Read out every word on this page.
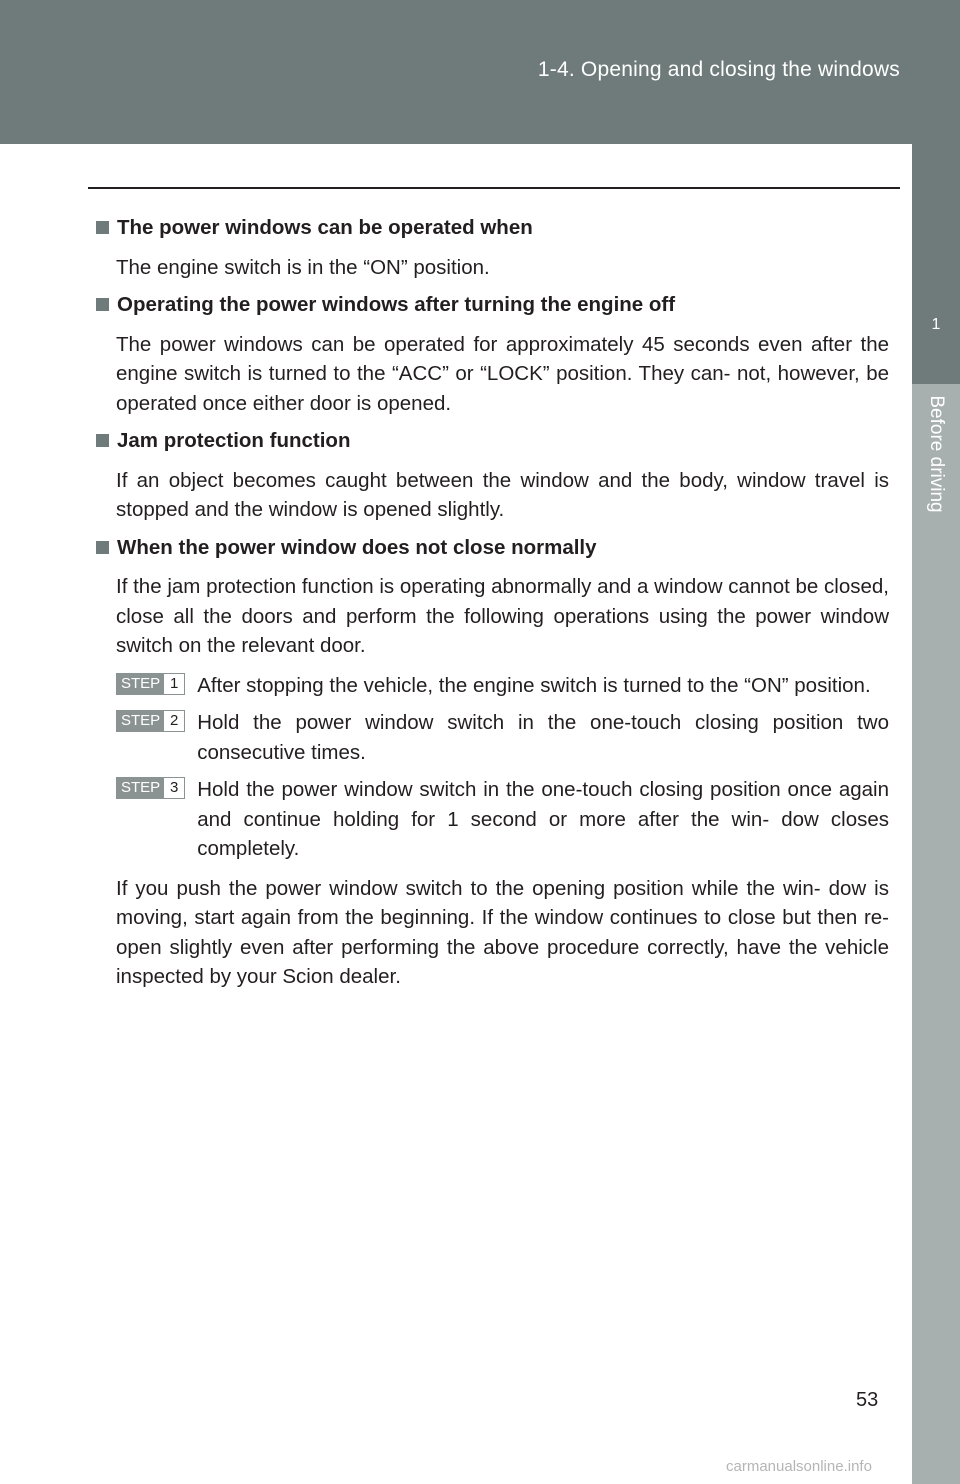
1-4. Opening and closing the windows
1
Before driving
The power windows can be operated when

The engine switch is in the “ON” position.

Operating the power windows after turning the engine off

The power windows can be operated for approximately 45 seconds even after the engine switch is turned to the “ACC” or “LOCK” position. They can- not, however, be operated once either door is opened.

Jam protection function

If an object becomes caught between the window and the body, window travel is stopped and the window is opened slightly.

When the power window does not close normally

If the jam protection function is operating abnormally and a window cannot be closed, close all the doors and perform the following operations using the power window switch on the relevant door.

STEP 1 After stopping the vehicle, the engine switch is turned to the “ON” position.
STEP 2 Hold the power window switch in the one-touch closing position two consecutive times.
STEP 3 Hold the power window switch in the one-touch closing position once again and continue holding for 1 second or more after the win- dow closes completely.

If you push the power window switch to the opening position while the win- dow is moving, start again from the beginning. If the window continues to close but then re-open slightly even after performing the above procedure correctly, have the vehicle inspected by your Scion dealer.

53
carmanualsonline.info
